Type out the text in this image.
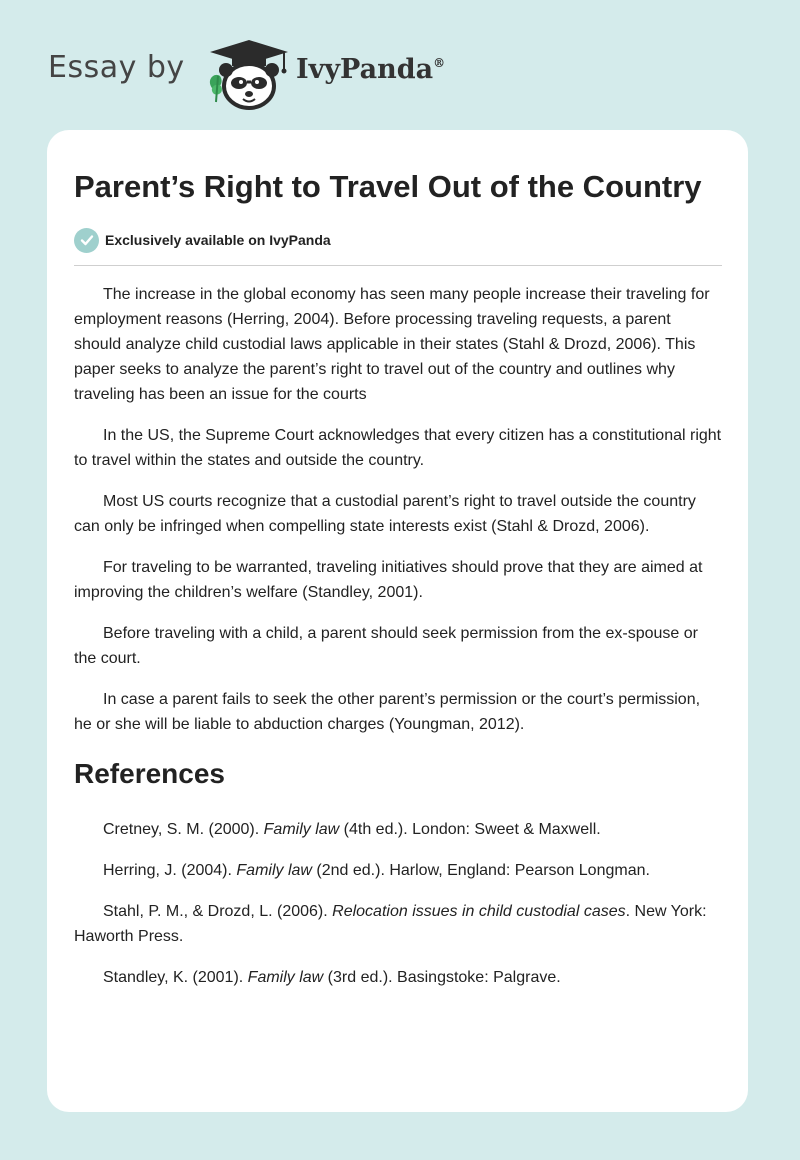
Essay by	IvyPanda®
Parent’s Right to Travel Out of the Country
Exclusively available on IvyPanda

The increase in the global economy has seen many people increase their traveling for employment reasons (Herring, 2004). Before processing traveling requests, a parent should analyze child custodial laws applicable in their states (Stahl & Drozd, 2006). This paper seeks to analyze the parent’s right to travel out of the country and outlines why traveling has been an issue for the courts

In the US, the Supreme Court acknowledges that every citizen has a constitutional right to travel within the states and outside the country.

Most US courts recognize that a custodial parent’s right to travel outside the country can only be infringed when compelling state interests exist (Stahl & Drozd, 2006).

For traveling to be warranted, traveling initiatives should prove that they are aimed at improving the children’s welfare (Standley, 2001).

Before traveling with a child, a parent should seek permission from the ex-spouse or the court.

In case a parent fails to seek the other parent’s permission or the court’s permission, he or she will be liable to abduction charges (Youngman, 2012).

References

Cretney, S. M. (2000). Family law (4th ed.). London: Sweet & Maxwell.

Herring, J. (2004). Family law (2nd ed.). Harlow, England: Pearson Longman.

Stahl, P. M., & Drozd, L. (2006). Relocation issues in child custodial cases. New York: Haworth Press.

Standley, K. (2001). Family law (3rd ed.). Basingstoke: Palgrave.
